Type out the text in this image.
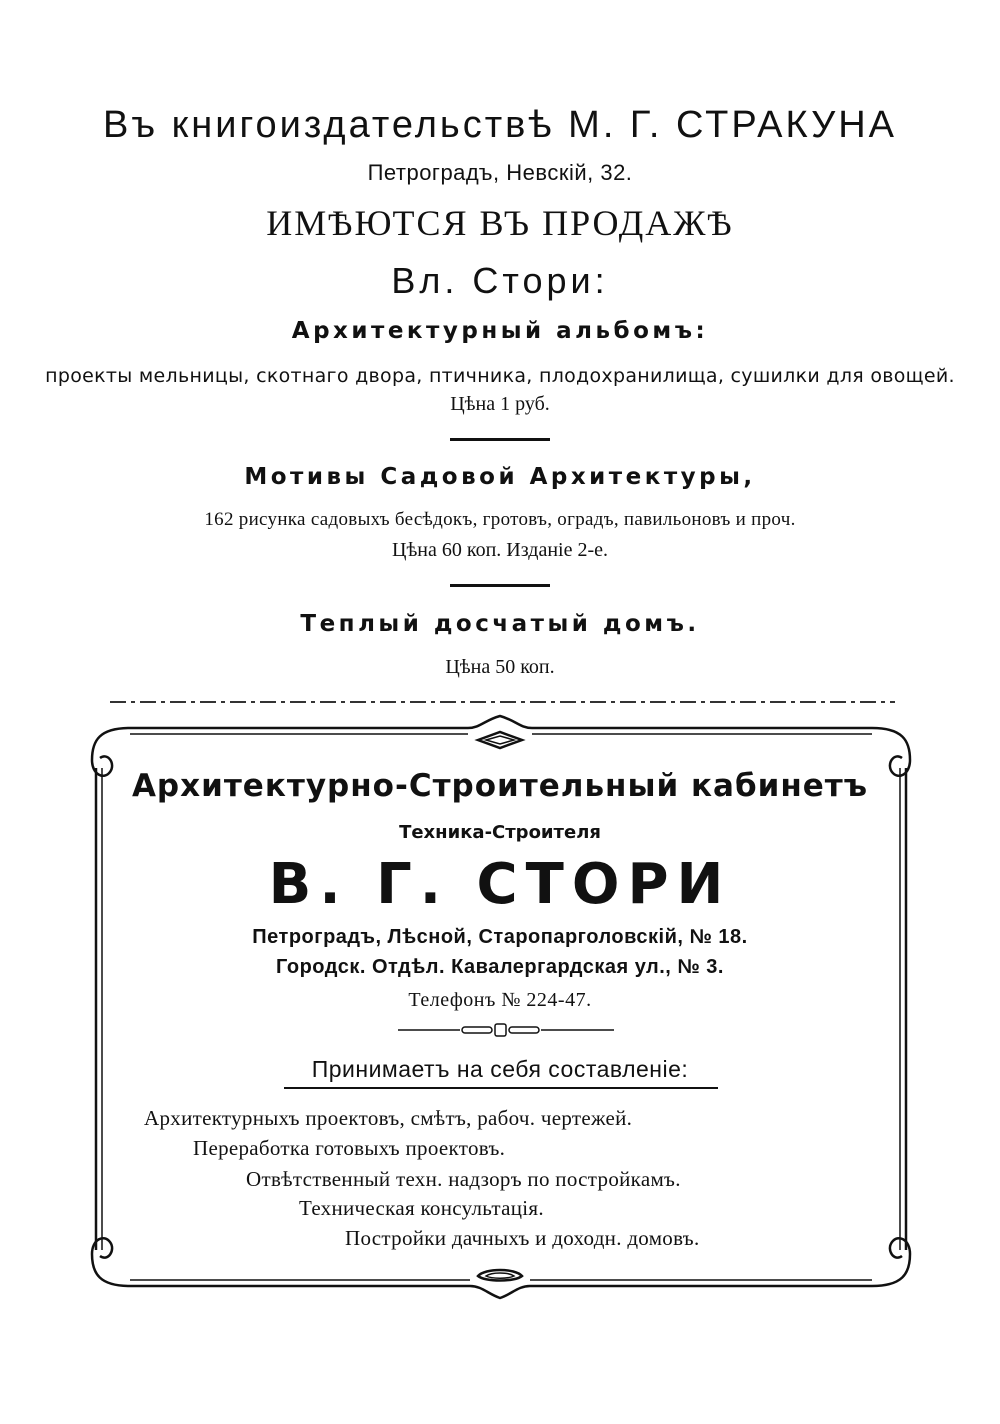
Въ книгоиздательствѣ М. Г. СТРАКУНА
Петроградъ, Невскій, 32.
ИМѢЮТСЯ ВЪ ПРОДАЖѢ
Вл. Стори:
Архитектурный альбомъ:
проекты мельницы, скотнаго двора, птичника, плодохранилища, сушилки для овощей.
Цѣна 1 руб.
Мотивы Садовой Архитектуры,
162 рисунка садовыхъ бесѣдокъ, гротовъ, оградъ, павильоновъ и проч.
Цѣна 60 коп. Изданіе 2-е.
Теплый досчатый домъ.
Цѣна 50 коп.
Архитектурно-Строительный кабинетъ
Техника-Строителя
В. Г. СТОРИ
Петроградъ, Лѣсной, Старопарголовскій, № 18.
Городск. Отдѣл. Кавалергардская ул., № 3.
Телефонъ № 224-47.
Принимаетъ на себя составленіе:
Архитектурныхъ проектовъ, смѣтъ, рабоч. чертежей.
Переработка готовыхъ проектовъ.
Отвѣтственный техн. надзоръ по постройкамъ.
Техническая консультація.
Постройки дачныхъ и доходн. домовъ.
